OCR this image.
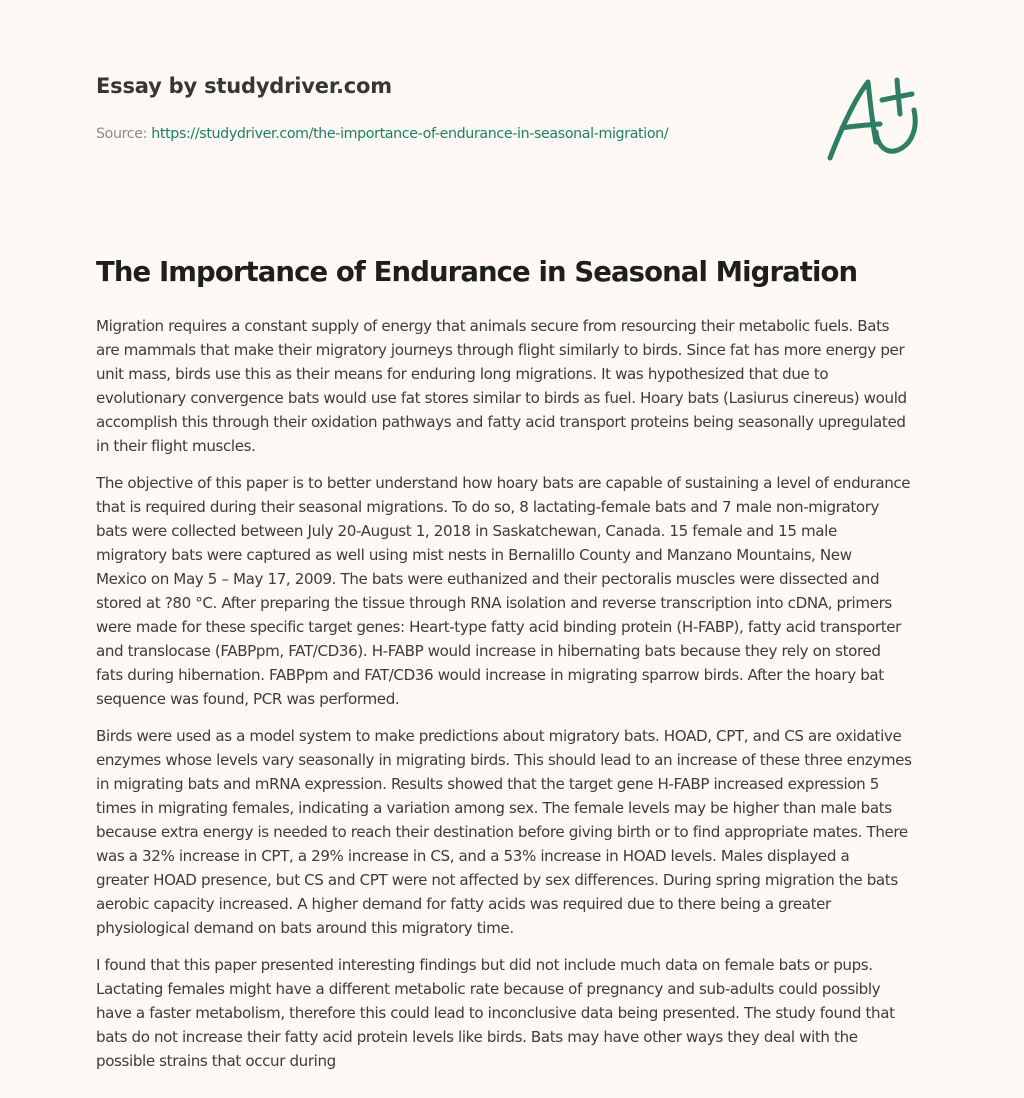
Essay by studydriver.com
Source: https://studydriver.com/the-importance-of-endurance-in-seasonal-migration/
The Importance of Endurance in Seasonal Migration

Migration requires a constant supply of energy that animals secure from resourcing their metabolic fuels. Bats
are mammals that make their migratory journeys through flight similarly to birds. Since fat has more energy per
unit mass, birds use this as their means for enduring long migrations. It was hypothesized that due to
evolutionary convergence bats would use fat stores similar to birds as fuel. Hoary bats (Lasiurus cinereus) would
accomplish this through their oxidation pathways and fatty acid transport proteins being seasonally upregulated
in their flight muscles.

The objective of this paper is to better understand how hoary bats are capable of sustaining a level of endurance
that is required during their seasonal migrations. To do so, 8 lactating-female bats and 7 male non-migratory
bats were collected between July 20-August 1, 2018 in Saskatchewan, Canada. 15 female and 15 male
migratory bats were captured as well using mist nests in Bernalillo County and Manzano Mountains, New
Mexico on May 5 – May 17, 2009. The bats were euthanized and their pectoralis muscles were dissected and
stored at ?80 °C. After preparing the tissue through RNA isolation and reverse transcription into cDNA, primers
were made for these specific target genes: Heart-type fatty acid binding protein (H-FABP), fatty acid transporter
and translocase (FABPpm, FAT/CD36). H-FABP would increase in hibernating bats because they rely on stored
fats during hibernation. FABPpm and FAT/CD36 would increase in migrating sparrow birds. After the hoary bat
sequence was found, PCR was performed.

Birds were used as a model system to make predictions about migratory bats. HOAD, CPT, and CS are oxidative
enzymes whose levels vary seasonally in migrating birds. This should lead to an increase of these three enzymes
in migrating bats and mRNA expression. Results showed that the target gene H-FABP increased expression 5
times in migrating females, indicating a variation among sex. The female levels may be higher than male bats
because extra energy is needed to reach their destination before giving birth or to find appropriate mates. There
was a 32% increase in CPT, a 29% increase in CS, and a 53% increase in HOAD levels. Males displayed a
greater HOAD presence, but CS and CPT were not affected by sex differences. During spring migration the bats
aerobic capacity increased. A higher demand for fatty acids was required due to there being a greater
physiological demand on bats around this migratory time.

I found that this paper presented interesting findings but did not include much data on female bats or pups.
Lactating females might have a different metabolic rate because of pregnancy and sub-adults could possibly
have a faster metabolism, therefore this could lead to inconclusive data being presented. The study found that
bats do not increase their fatty acid protein levels like birds. Bats may have other ways they deal with the
possible strains that occur during
